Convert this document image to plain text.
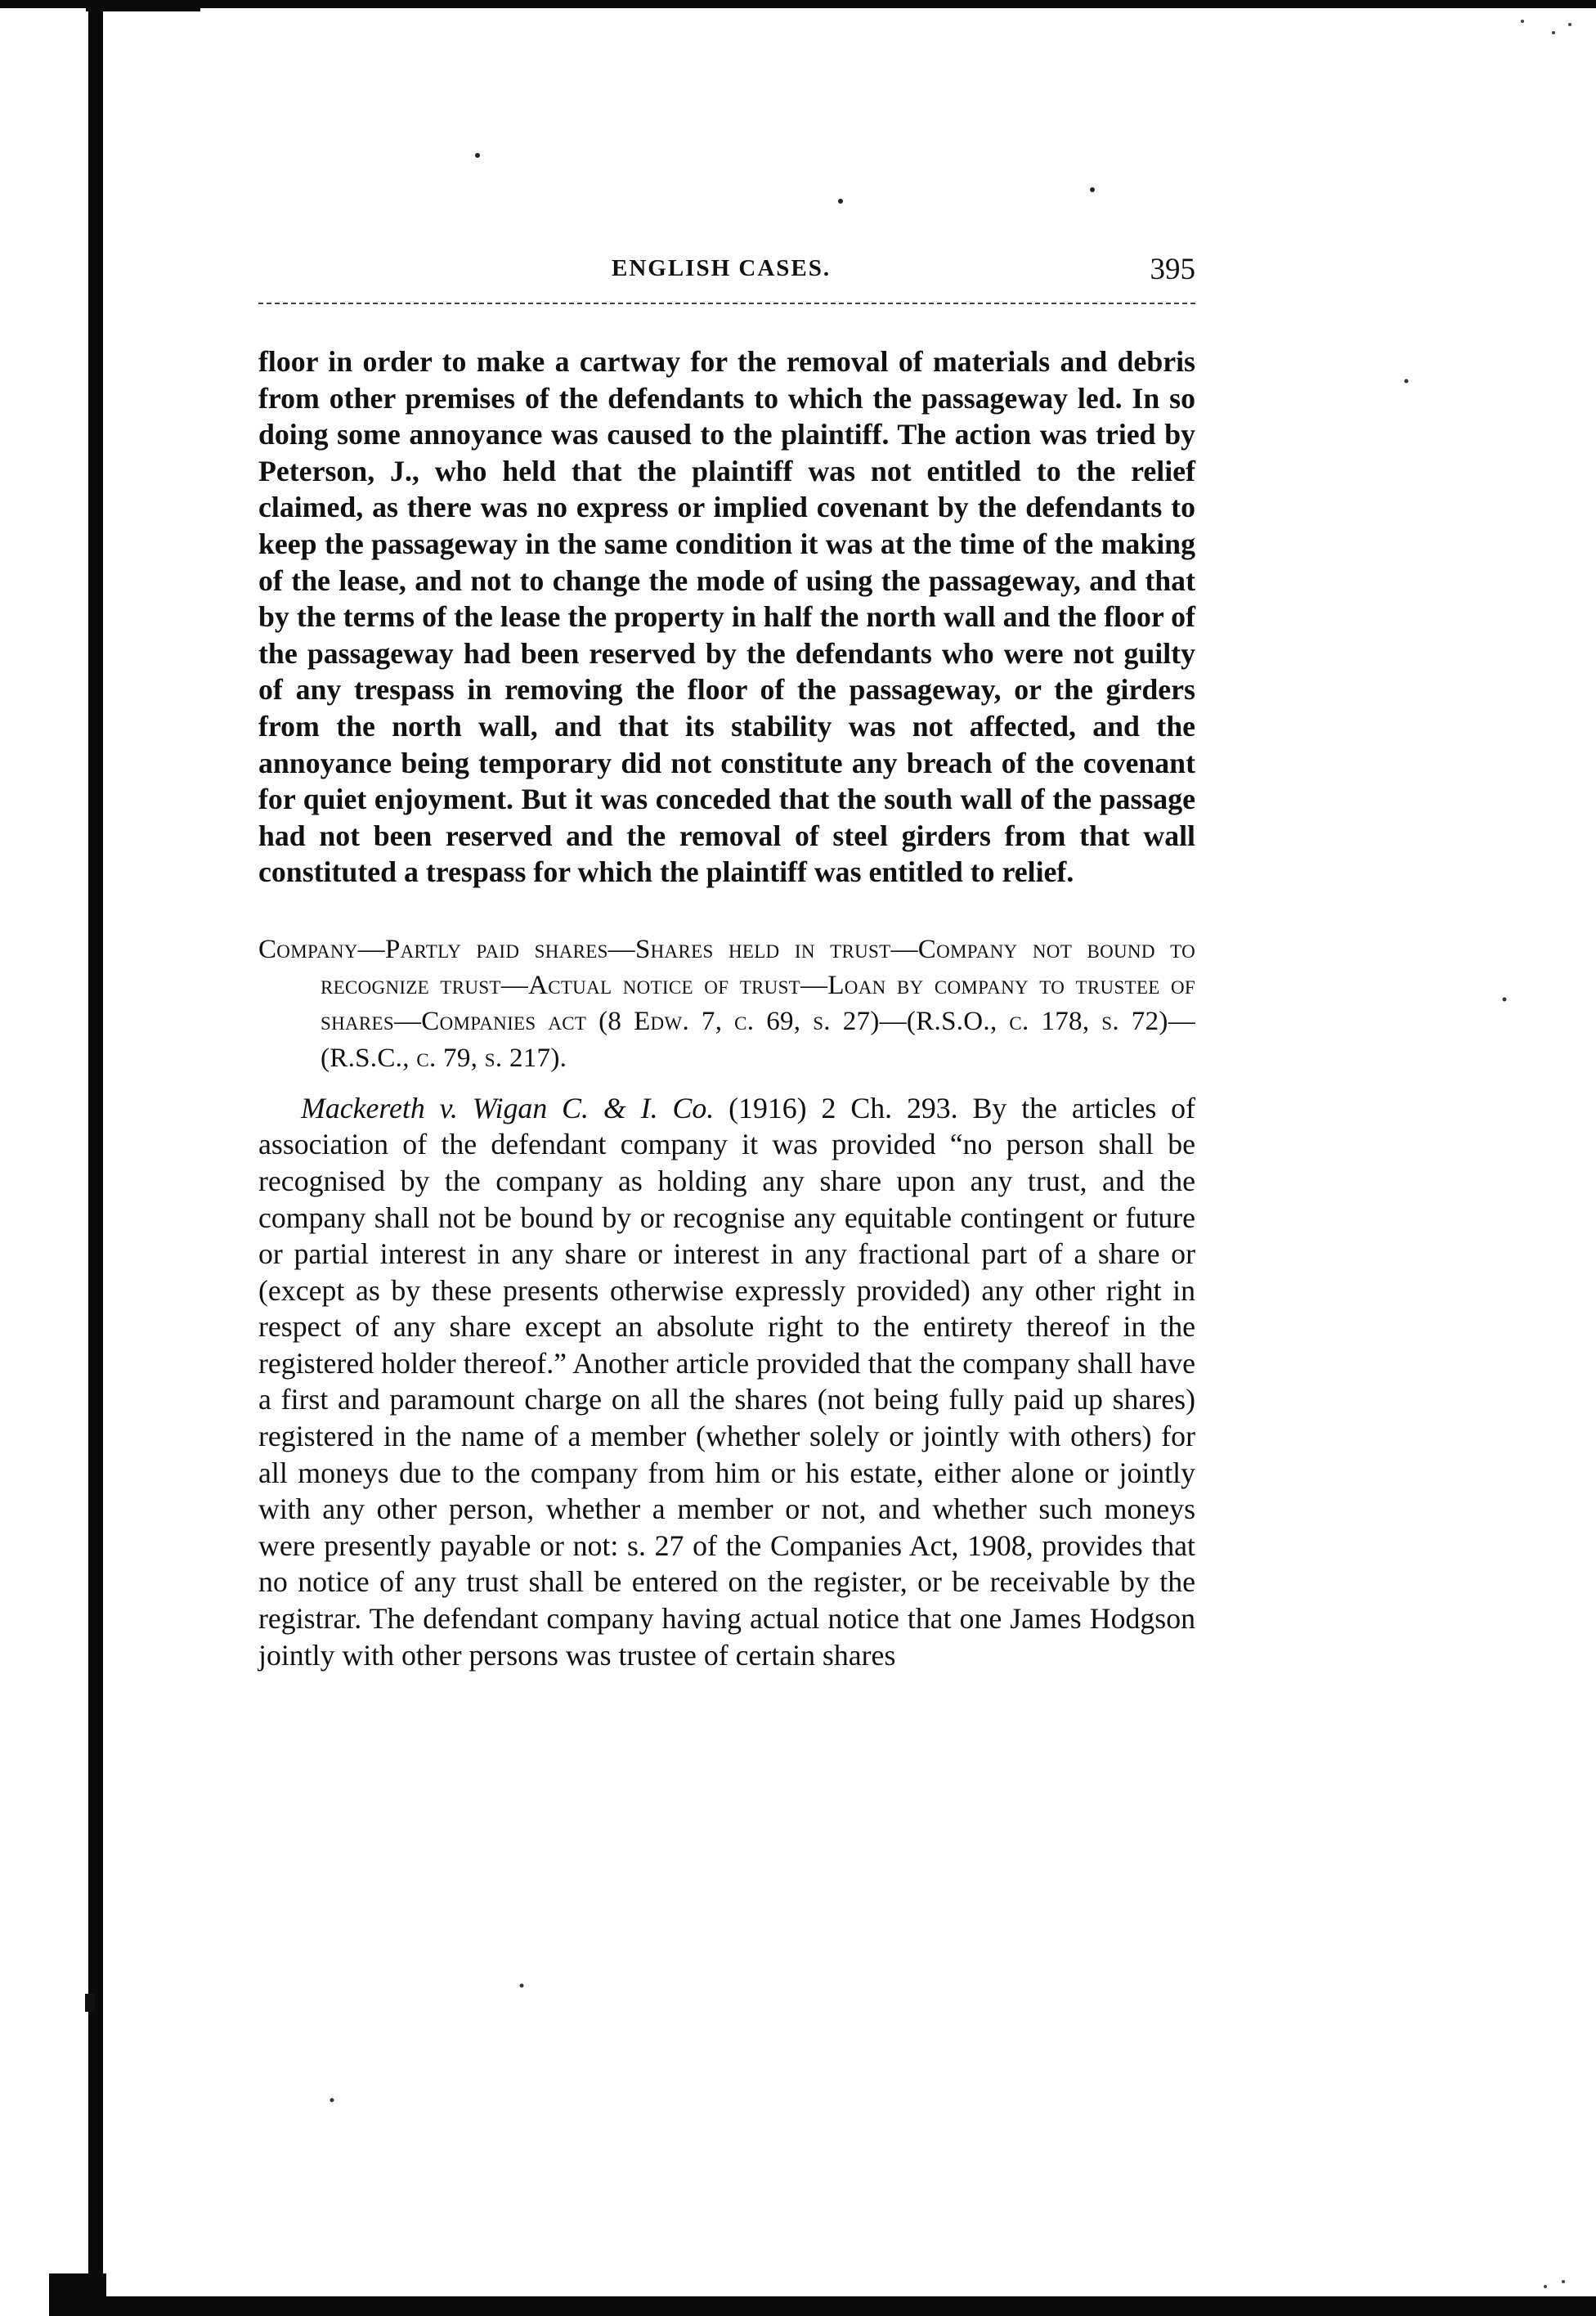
ENGLISH CASES.	395

floor in order to make a cartway for the removal of materials and debris from other premises of the defendants to which the passageway led. In so doing some annoyance was caused to the plaintiff. The action was tried by Peterson, J., who held that the plaintiff was not entitled to the relief claimed, as there was no express or implied covenant by the defendants to keep the passageway in the same condition it was at the time of the making of the lease, and not to change the mode of using the passageway, and that by the terms of the lease the property in half the north wall and the floor of the passageway had been reserved by the defendants who were not guilty of any trespass in removing the floor of the passageway, or the girders from the north wall, and that its stability was not affected, and the annoyance being temporary did not constitute any breach of the covenant for quiet enjoyment. But it was conceded that the south wall of the passage had not been reserved and the removal of steel girders from that wall constituted a trespass for which the plaintiff was entitled to relief.

Company—Partly paid shares—Shares held in trust—Company not bound to recognize trust—Actual notice of trust—Loan by company to trustee of shares—Companies act (8 Edw. 7, c. 69, s. 27)—(R.S.O., c. 178, s. 72)—(R.S.C., c. 79, s. 217).

Mackereth v. Wigan C. & I. Co. (1916) 2 Ch. 293. By the articles of association of the defendant company it was provided “no person shall be recognised by the company as holding any share upon any trust, and the company shall not be bound by or recognise any equitable contingent or future or partial interest in any share or interest in any fractional part of a share or (except as by these presents otherwise expressly provided) any other right in respect of any share except an absolute right to the entirety thereof in the registered holder thereof.” Another article provided that the company shall have a first and paramount charge on all the shares (not being fully paid up shares) registered in the name of a member (whether solely or jointly with others) for all moneys due to the company from him or his estate, either alone or jointly with any other person, whether a member or not, and whether such moneys were presently payable or not: s. 27 of the Companies Act, 1908, provides that no notice of any trust shall be entered on the register, or be receivable by the registrar. The defendant company having actual notice that one James Hodgson jointly with other persons was trustee of certain shares
